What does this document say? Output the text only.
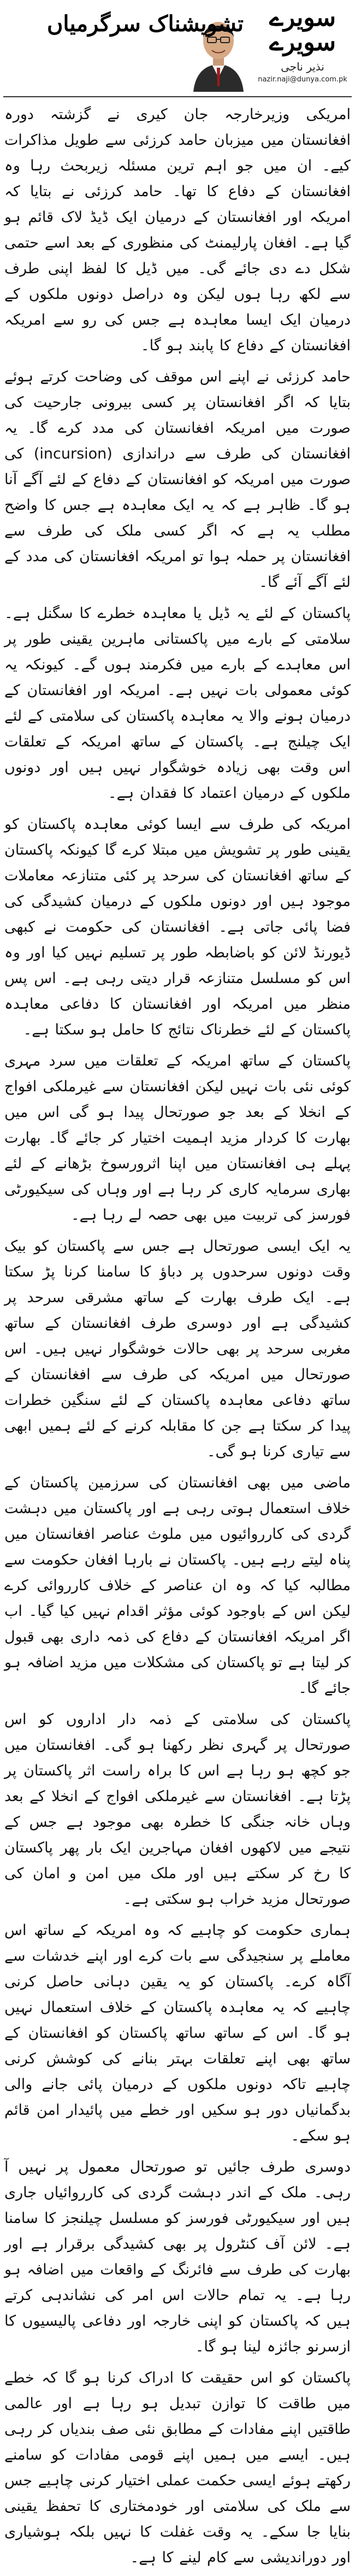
سویرے
سویرے
نذیر ناجی
nazir.naji@dunya.com.pk
تشویشناک سرگرمیاں

امریکی وزیرخارجہ جان کیری نے گزشتہ دورہ افغانستان میں میزبان حامد کرزئی سے طویل مذاکرات کیے۔ ان میں جو اہم ترین مسئلہ زیربحث رہا وہ افغانستان کے دفاع کا تھا۔ حامد کرزئی نے بتایا کہ امریکہ اور افغانستان کے درمیان ایک ڈیڈ لاک قائم ہو گیا ہے۔ افغان پارلیمنٹ کی منظوری کے بعد اسے حتمی شکل دے دی جائے گی۔ میں ڈیل کا لفظ اپنی طرف سے لکھ رہا ہوں لیکن وہ دراصل دونوں ملکوں کے درمیان ایک ایسا معاہدہ ہے جس کی رو سے امریکہ افغانستان کے دفاع کا پابند ہو گا۔

حامد کرزئی نے اپنے اس موقف کی وضاحت کرتے ہوئے بتایا کہ اگر افغانستان پر کسی بیرونی جارحیت کی صورت میں امریکہ افغانستان کی مدد کرے گا۔ یہ افغانستان کی طرف سے دراندازی (incursion) کی صورت میں امریکہ کو افغانستان کے دفاع کے لئے آگے آنا ہو گا۔ ظاہر ہے کہ یہ ایک معاہدہ ہے جس کا واضح مطلب یہ ہے کہ اگر کسی ملک کی طرف سے افغانستان پر حملہ ہوا تو امریکہ افغانستان کی مدد کے لئے آگے آئے گا۔

پاکستان کے لئے یہ ڈیل یا معاہدہ خطرے کا سگنل ہے۔ سلامتی کے بارے میں پاکستانی ماہرین یقینی طور پر اس معاہدے کے بارے میں فکرمند ہوں گے۔ کیونکہ یہ کوئی معمولی بات نہیں ہے۔ امریکہ اور افغانستان کے درمیان ہونے والا یہ معاہدہ پاکستان کی سلامتی کے لئے ایک چیلنج ہے۔ پاکستان کے ساتھ امریکہ کے تعلقات اس وقت بھی زیادہ خوشگوار نہیں ہیں اور دونوں ملکوں کے درمیان اعتماد کا فقدان ہے۔

امریکہ کی طرف سے ایسا کوئی معاہدہ پاکستان کو یقینی طور پر تشویش میں مبتلا کرے گا کیونکہ پاکستان کے ساتھ افغانستان کی سرحد پر کئی متنازعہ معاملات موجود ہیں اور دونوں ملکوں کے درمیان کشیدگی کی فضا پائی جاتی ہے۔ افغانستان کی حکومت نے کبھی ڈیورنڈ لائن کو باضابطہ طور پر تسلیم نہیں کیا اور وہ اس کو مسلسل متنازعہ قرار دیتی رہی ہے۔ اس پس منظر میں امریکہ اور افغانستان کا دفاعی معاہدہ پاکستان کے لئے خطرناک نتائج کا حامل ہو سکتا ہے۔

پاکستان کے ساتھ امریکہ کے تعلقات میں سرد مہری کوئی نئی بات نہیں لیکن افغانستان سے غیرملکی افواج کے انخلا کے بعد جو صورتحال پیدا ہو گی اس میں بھارت کا کردار مزید اہمیت اختیار کر جائے گا۔ بھارت پہلے ہی افغانستان میں اپنا اثرورسوخ بڑھانے کے لئے بھاری سرمایہ کاری کر رہا ہے اور وہاں کی سیکیورٹی فورسز کی تربیت میں بھی حصہ لے رہا ہے۔

یہ ایک ایسی صورتحال ہے جس سے پاکستان کو بیک وقت دونوں سرحدوں پر دباؤ کا سامنا کرنا پڑ سکتا ہے۔ ایک طرف بھارت کے ساتھ مشرقی سرحد پر کشیدگی ہے اور دوسری طرف افغانستان کے ساتھ مغربی سرحد پر بھی حالات خوشگوار نہیں ہیں۔ اس صورتحال میں امریکہ کی طرف سے افغانستان کے ساتھ دفاعی معاہدہ پاکستان کے لئے سنگین خطرات پیدا کر سکتا ہے جن کا مقابلہ کرنے کے لئے ہمیں ابھی سے تیاری کرنا ہو گی۔

ماضی میں بھی افغانستان کی سرزمین پاکستان کے خلاف استعمال ہوتی رہی ہے اور پاکستان میں دہشت گردی کی کارروائیوں میں ملوث عناصر افغانستان میں پناہ لیتے رہے ہیں۔ پاکستان نے بارہا افغان حکومت سے مطالبہ کیا کہ وہ ان عناصر کے خلاف کارروائی کرے لیکن اس کے باوجود کوئی مؤثر اقدام نہیں کیا گیا۔ اب اگر امریکہ افغانستان کے دفاع کی ذمہ داری بھی قبول کر لیتا ہے تو پاکستان کی مشکلات میں مزید اضافہ ہو جائے گا۔

پاکستان کی سلامتی کے ذمہ دار اداروں کو اس صورتحال پر گہری نظر رکھنا ہو گی۔ افغانستان میں جو کچھ ہو رہا ہے اس کا براہ راست اثر پاکستان پر پڑتا ہے۔ افغانستان سے غیرملکی افواج کے انخلا کے بعد وہاں خانہ جنگی کا خطرہ بھی موجود ہے جس کے نتیجے میں لاکھوں افغان مہاجرین ایک بار پھر پاکستان کا رخ کر سکتے ہیں اور ملک میں امن و امان کی صورتحال مزید خراب ہو سکتی ہے۔

ہماری حکومت کو چاہیے کہ وہ امریکہ کے ساتھ اس معاملے پر سنجیدگی سے بات کرے اور اپنے خدشات سے آگاہ کرے۔ پاکستان کو یہ یقین دہانی حاصل کرنی چاہیے کہ یہ معاہدہ پاکستان کے خلاف استعمال نہیں ہو گا۔ اس کے ساتھ ساتھ پاکستان کو افغانستان کے ساتھ بھی اپنے تعلقات بہتر بنانے کی کوشش کرنی چاہیے تاکہ دونوں ملکوں کے درمیان پائی جانے والی بدگمانیاں دور ہو سکیں اور خطے میں پائیدار امن قائم ہو سکے۔

دوسری طرف جائیں تو صورتحال معمول پر نہیں آ رہی۔ ملک کے اندر دہشت گردی کی کارروائیاں جاری ہیں اور سیکیورٹی فورسز کو مسلسل چیلنجز کا سامنا ہے۔ لائن آف کنٹرول پر بھی کشیدگی برقرار ہے اور بھارت کی طرف سے فائرنگ کے واقعات میں اضافہ ہو رہا ہے۔ یہ تمام حالات اس امر کی نشاندہی کرتے ہیں کہ پاکستان کو اپنی خارجہ اور دفاعی پالیسیوں کا ازسرنو جائزہ لینا ہو گا۔

پاکستان کو اس حقیقت کا ادراک کرنا ہو گا کہ خطے میں طاقت کا توازن تبدیل ہو رہا ہے اور عالمی طاقتیں اپنے مفادات کے مطابق نئی صف بندیاں کر رہی ہیں۔ ایسے میں ہمیں اپنے قومی مفادات کو سامنے رکھتے ہوئے ایسی حکمت عملی اختیار کرنی چاہیے جس سے ملک کی سلامتی اور خودمختاری کا تحفظ یقینی بنایا جا سکے۔ یہ وقت غفلت کا نہیں بلکہ ہوشیاری اور دوراندیشی سے کام لینے کا ہے۔
